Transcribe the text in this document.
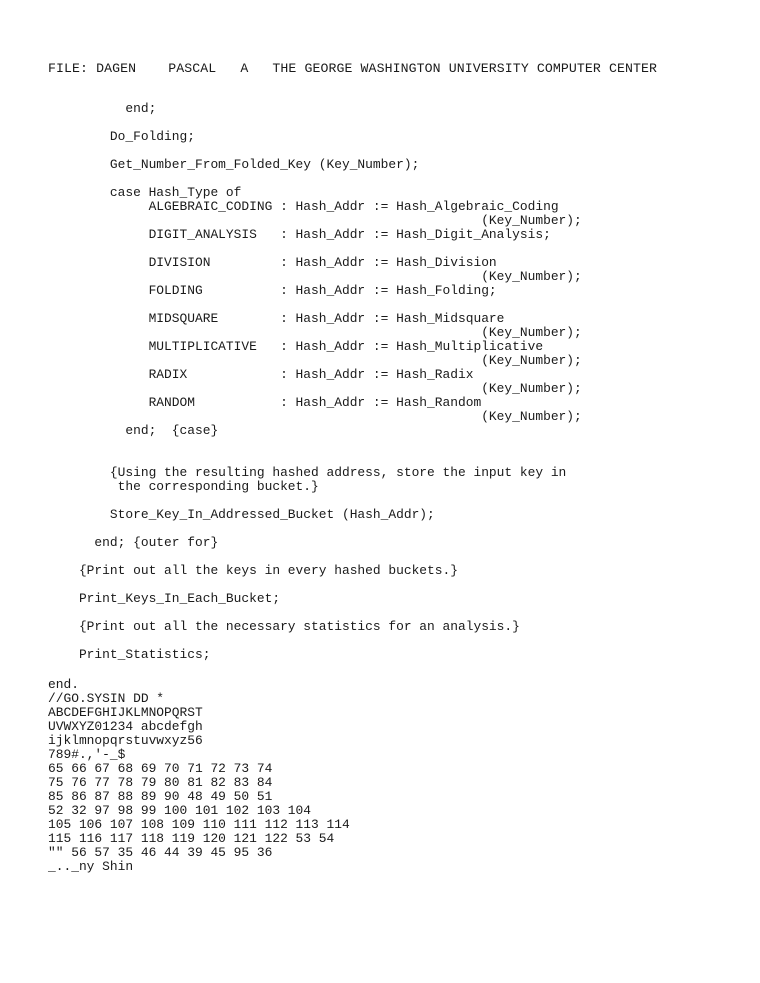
FILE: DAGEN    PASCAL   A   THE GEORGE WASHINGTON UNIVERSITY COMPUTER CENTER
end;
Do_Folding;
Get_Number_From_Folded_Key (Key_Number);
case Hash_Type of
ALGEBRAIC_CODING : Hash_Addr := Hash_Algebraic_Coding
(Key_Number);
DIGIT_ANALYSIS   : Hash_Addr := Hash_Digit_Analysis;
DIVISION         : Hash_Addr := Hash_Division
(Key_Number);
FOLDING          : Hash_Addr := Hash_Folding;
MIDSQUARE        : Hash_Addr := Hash_Midsquare
(Key_Number);
MULTIPLICATIVE   : Hash_Addr := Hash_Multiplicative
(Key_Number);
RADIX            : Hash_Addr := Hash_Radix
(Key_Number);
RANDOM           : Hash_Addr := Hash_Random
(Key_Number);
end;  {case}
{Using the resulting hashed address, store the input key in
the corresponding bucket.}
Store_Key_In_Addressed_Bucket (Hash_Addr);
end; {outer for}
{Print out all the keys in every hashed buckets.}
Print_Keys_In_Each_Bucket;
{Print out all the necessary statistics for an analysis.}
Print_Statistics;
end.
//GO.SYSIN DD *
ABCDEFGHIJKLMNOPQRST
UVWXYZ01234 abcdefgh
ijklmnopqrstuvwxyz56
789#.,'-_$
65 66 67 68 69 70 71 72 73 74
75 76 77 78 79 80 81 82 83 84
85 86 87 88 89 90 48 49 50 51
52 32 97 98 99 100 101 102 103 104
105 106 107 108 109 110 111 112 113 114
115 116 117 118 119 120 121 122 53 54
"" 56 57 35 46 44 39 45 95 36
_.._ny Shin
